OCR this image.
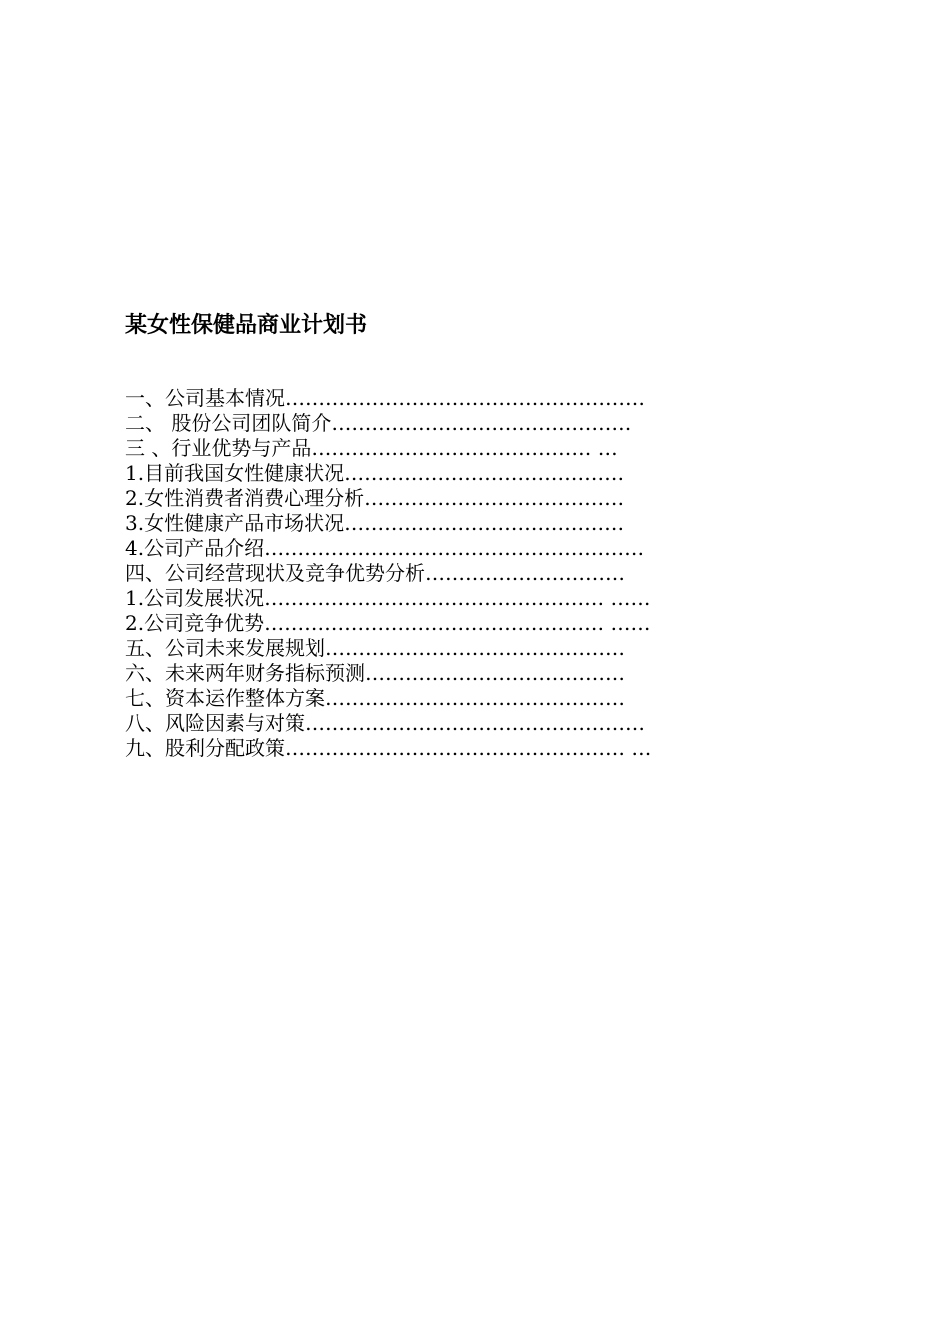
某女性保健品商业计划书
一、公司基本情况………………………………………………
二、 股份公司团队简介………………………………………
三 、行业优势与产品…………………………………… …
1.目前我国女性健康状况……………………………………
2.女性消费者消费心理分析…………………………………
3.女性健康产品市场状况……………………………………
4.公司产品介绍…………………………………………………
四、公司经营现状及竞争优势分析…………………………
1.公司发展状况…………………………………………… ……
2.公司竞争优势…………………………………………… ……
五、公司未来发展规划………………………………………
六、未来两年财务指标预测…………………………………
七、资本运作整体方案………………………………………
八、风险因素与对策……………………………………………
九、股利分配政策…………………………………………… …
